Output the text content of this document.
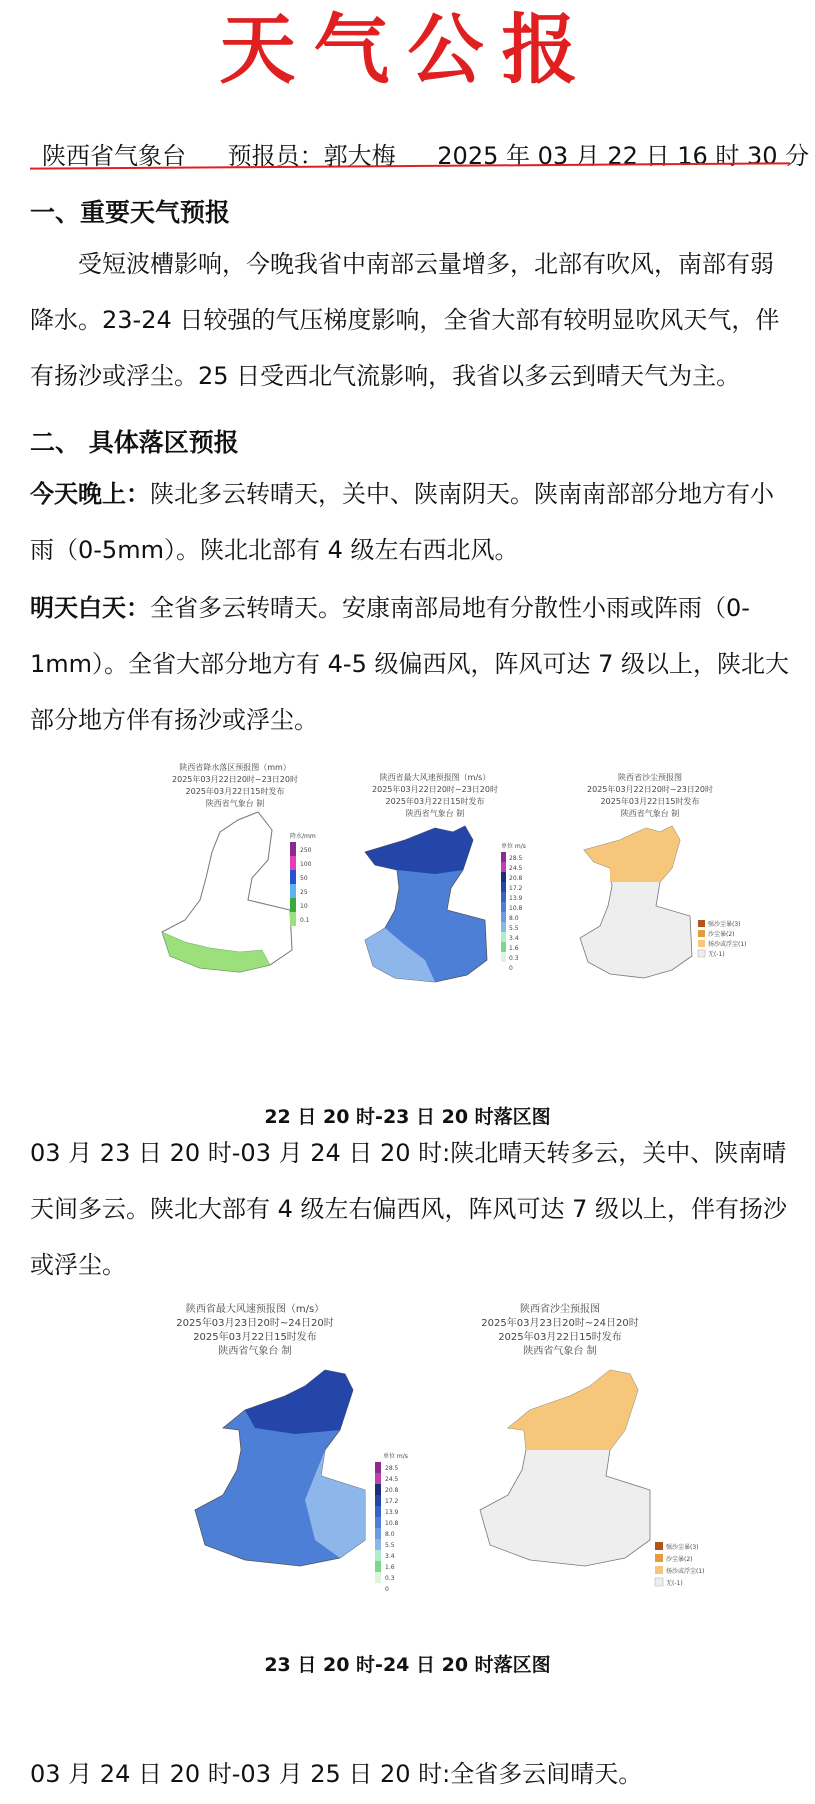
天气公报
陕西省气象台 预报员：郭大梅 2025 年 03 月 22 日 16 时 30 分
一、重要天气预报

受短波槽影响，今晚我省中南部云量增多，北部有吹风，南部有弱降水。23-24 日较强的气压梯度影响，全省大部有较明显吹风天气，伴有扬沙或浮尘。25 日受西北气流影响，我省以多云到晴天气为主。

二、 具体落区预报

今天晚上：陕北多云转晴天，关中、陕南阴天。陕南南部部分地方有小雨（0-5mm）。陕北北部有 4 级左右西北风。

明天白天：全省多云转晴天。安康南部局地有分散性小雨或阵雨（0-1mm）。全省大部分地方有 4-5 级偏西风，阵风可达 7 级以上，陕北大部分地方伴有扬沙或浮尘。

陕西省降水落区预报图（mm）
2025年03月22日20时~23日20时
2025年03月22日15时发布
陕西省气象台 制
降水/mm
250
100
50
25
10
0.1
陕西省最大风速预报图（m/s）
2025年03月22日20时~23日20时
2025年03月22日15时发布
陕西省气象台 制
单位 m/s
28.5
24.5
20.8
17.2
13.9
10.8
8.0
5.5
3.4
1.6
0.3
0
陕西省沙尘预报图
2025年03月22日20时~23日20时
2025年03月22日15时发布
陕西省气象台 制
强沙尘暴(3)
沙尘暴(2)
扬沙或浮尘(1)
无(-1)
22 日 20 时-23 日 20 时落区图

03 月 23 日 20 时-03 月 24 日 20 时:陕北晴天转多云，关中、陕南晴天间多云。陕北大部有 4 级左右偏西风，阵风可达 7 级以上，伴有扬沙或浮尘。

陕西省最大风速预报图（m/s）
2025年03月23日20时~24日20时
2025年03月22日15时发布
陕西省气象台 制
单位 m/s
28.5
24.5
20.8
17.2
13.9
10.8
8.0
5.5
3.4
1.6
0.3
0
陕西省沙尘预报图
2025年03月23日20时~24日20时
2025年03月22日15时发布
陕西省气象台 制
强沙尘暴(3)
沙尘暴(2)
扬沙或浮尘(1)
无(-1)
23 日 20 时-24 日 20 时落区图

03 月 24 日 20 时-03 月 25 日 20 时:全省多云间晴天。
